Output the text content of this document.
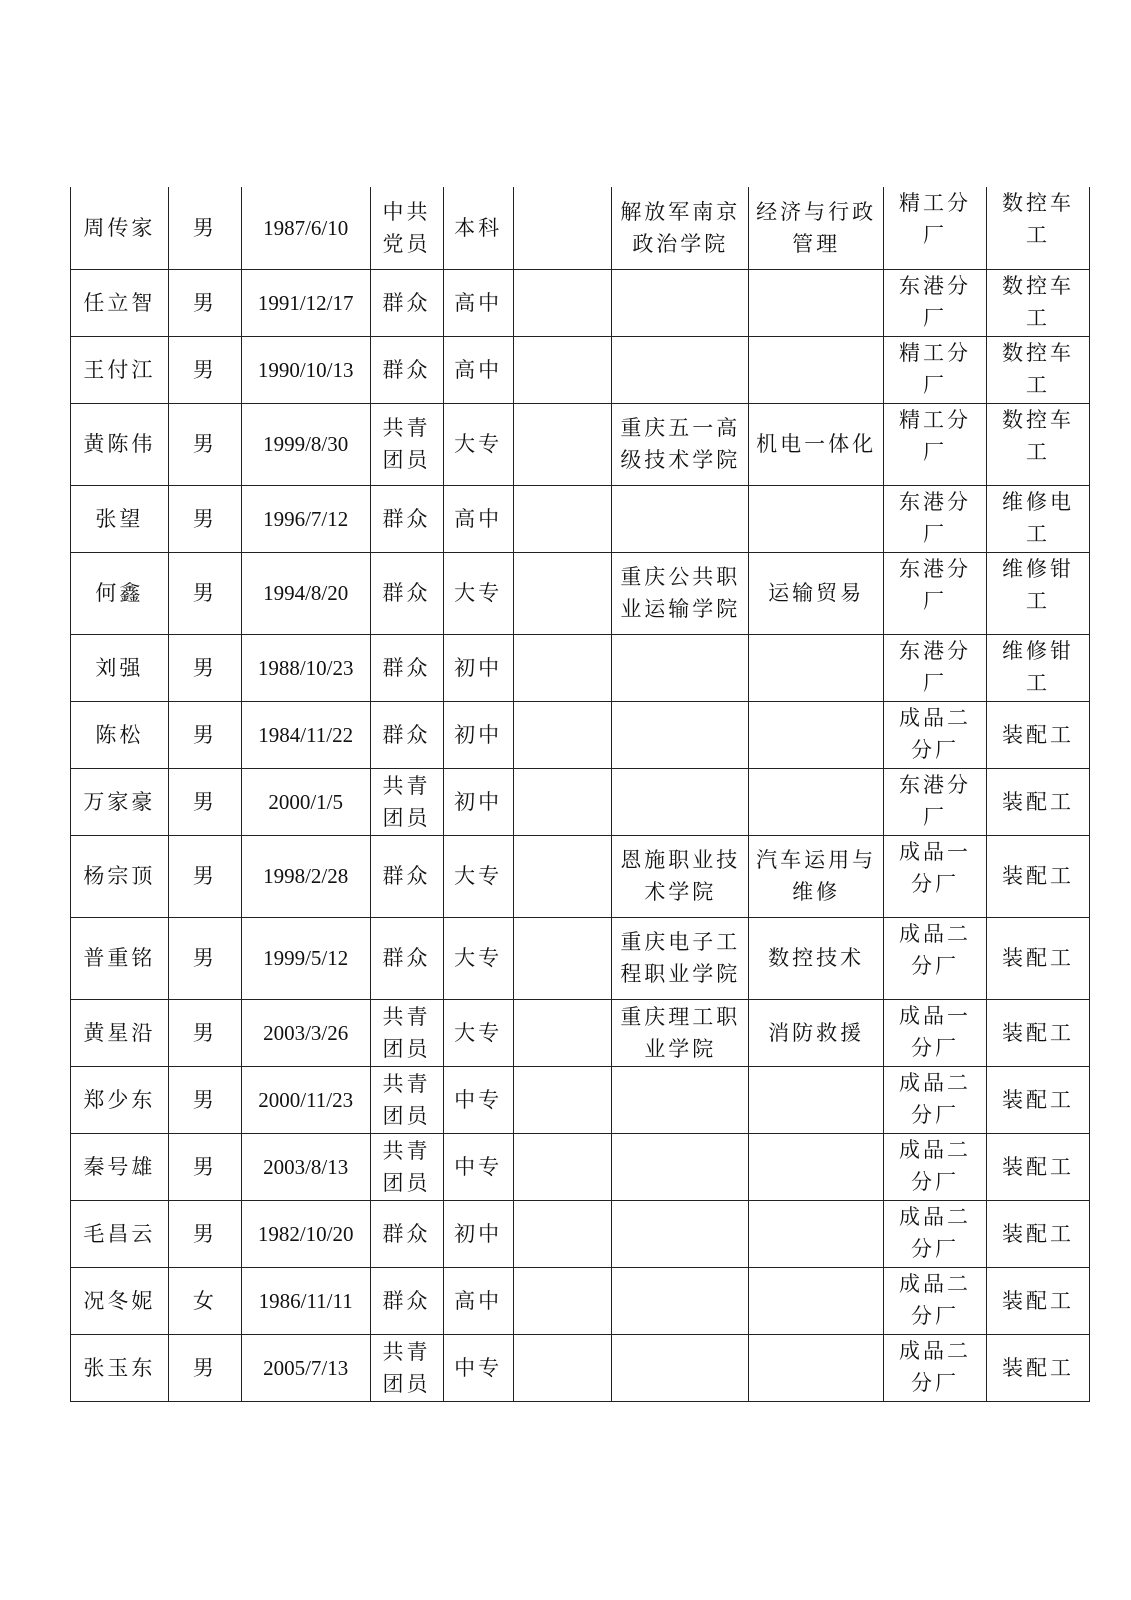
周传家	男	1987/6/10	中共党员	本科		解放军南京政治学院	经济与行政管理	精工分厂	数控车工
任立智	男	1991/12/17	群众	高中				东港分厂	数控车工
王付江	男	1990/10/13	群众	高中				精工分厂	数控车工
黄陈伟	男	1999/8/30	共青团员	大专		重庆五一高级技术学院	机电一体化	精工分厂	数控车工
张望	男	1996/7/12	群众	高中				东港分厂	维修电工
何鑫	男	1994/8/20	群众	大专		重庆公共职业运输学院	运输贸易	东港分厂	维修钳工
刘强	男	1988/10/23	群众	初中				东港分厂	维修钳工
陈松	男	1984/11/22	群众	初中				成品二分厂	装配工
万家豪	男	2000/1/5	共青团员	初中				东港分厂	装配工
杨宗顶	男	1998/2/28	群众	大专		恩施职业技术学院	汽车运用与维修	成品一分厂	装配工
普重铭	男	1999/5/12	群众	大专		重庆电子工程职业学院	数控技术	成品二分厂	装配工
黄星沿	男	2003/3/26	共青团员	大专		重庆理工职业学院	消防救援	成品一分厂	装配工
郑少东	男	2000/11/23	共青团员	中专				成品二分厂	装配工
秦号雄	男	2003/8/13	共青团员	中专				成品二分厂	装配工
毛昌云	男	1982/10/20	群众	初中				成品二分厂	装配工
况冬妮	女	1986/11/11	群众	高中				成品二分厂	装配工
张玉东	男	2005/7/13	共青团员	中专				成品二分厂	装配工
